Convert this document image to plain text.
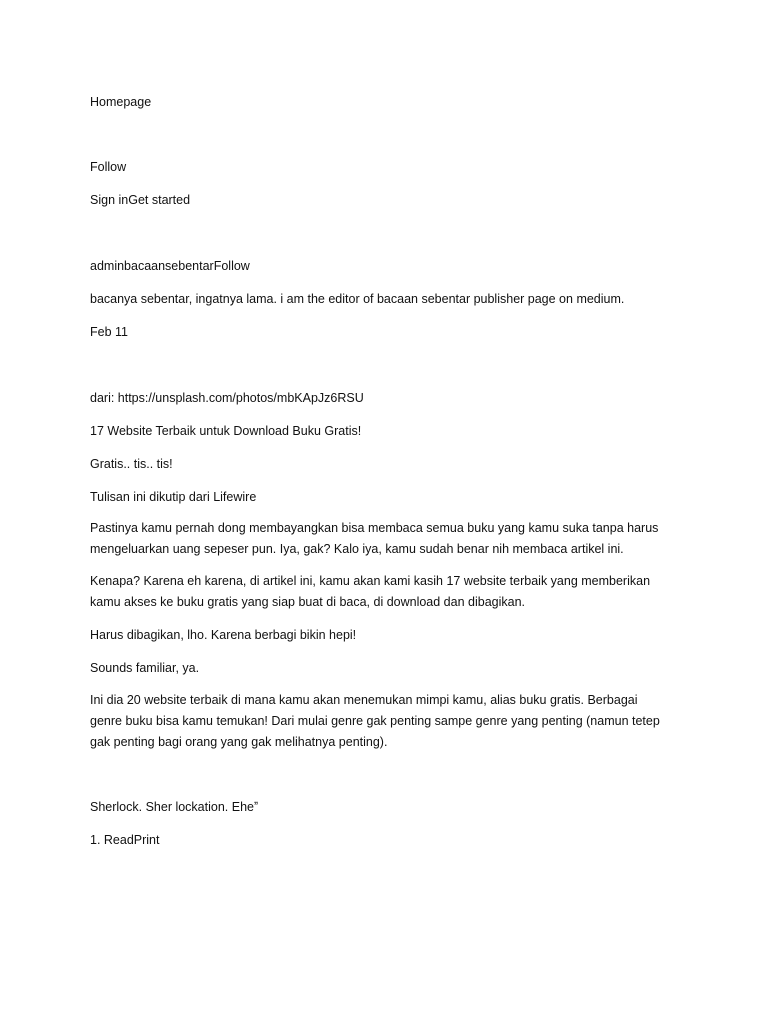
Homepage
Follow
Sign inGet started
adminbacaansebentarFollow
bacanya sebentar, ingatnya lama. i am the editor of bacaan sebentar publisher page on medium.
Feb 11
dari: https://unsplash.com/photos/mbKApJz6RSU
17 Website Terbaik untuk Download Buku Gratis!
Gratis.. tis.. tis!
Tulisan ini dikutip dari Lifewire
Pastinya kamu pernah dong membayangkan bisa membaca semua buku yang kamu suka tanpa harus
mengeluarkan uang sepeser pun. Iya, gak? Kalo iya, kamu sudah benar nih membaca artikel ini.
Kenapa? Karena eh karena, di artikel ini, kamu akan kami kasih 17 website terbaik yang memberikan
kamu akses ke buku gratis yang siap buat di baca, di download dan dibagikan.
Harus dibagikan, lho. Karena berbagi bikin hepi!
Sounds familiar, ya.
Ini dia 20 website terbaik di mana kamu akan menemukan mimpi kamu, alias buku gratis. Berbagai
genre buku bisa kamu temukan! Dari mulai genre gak penting sampe genre yang penting (namun tetep
gak penting bagi orang yang gak melihatnya penting).
Sherlock. Sher lockation. Eheˮ
1. ReadPrint
